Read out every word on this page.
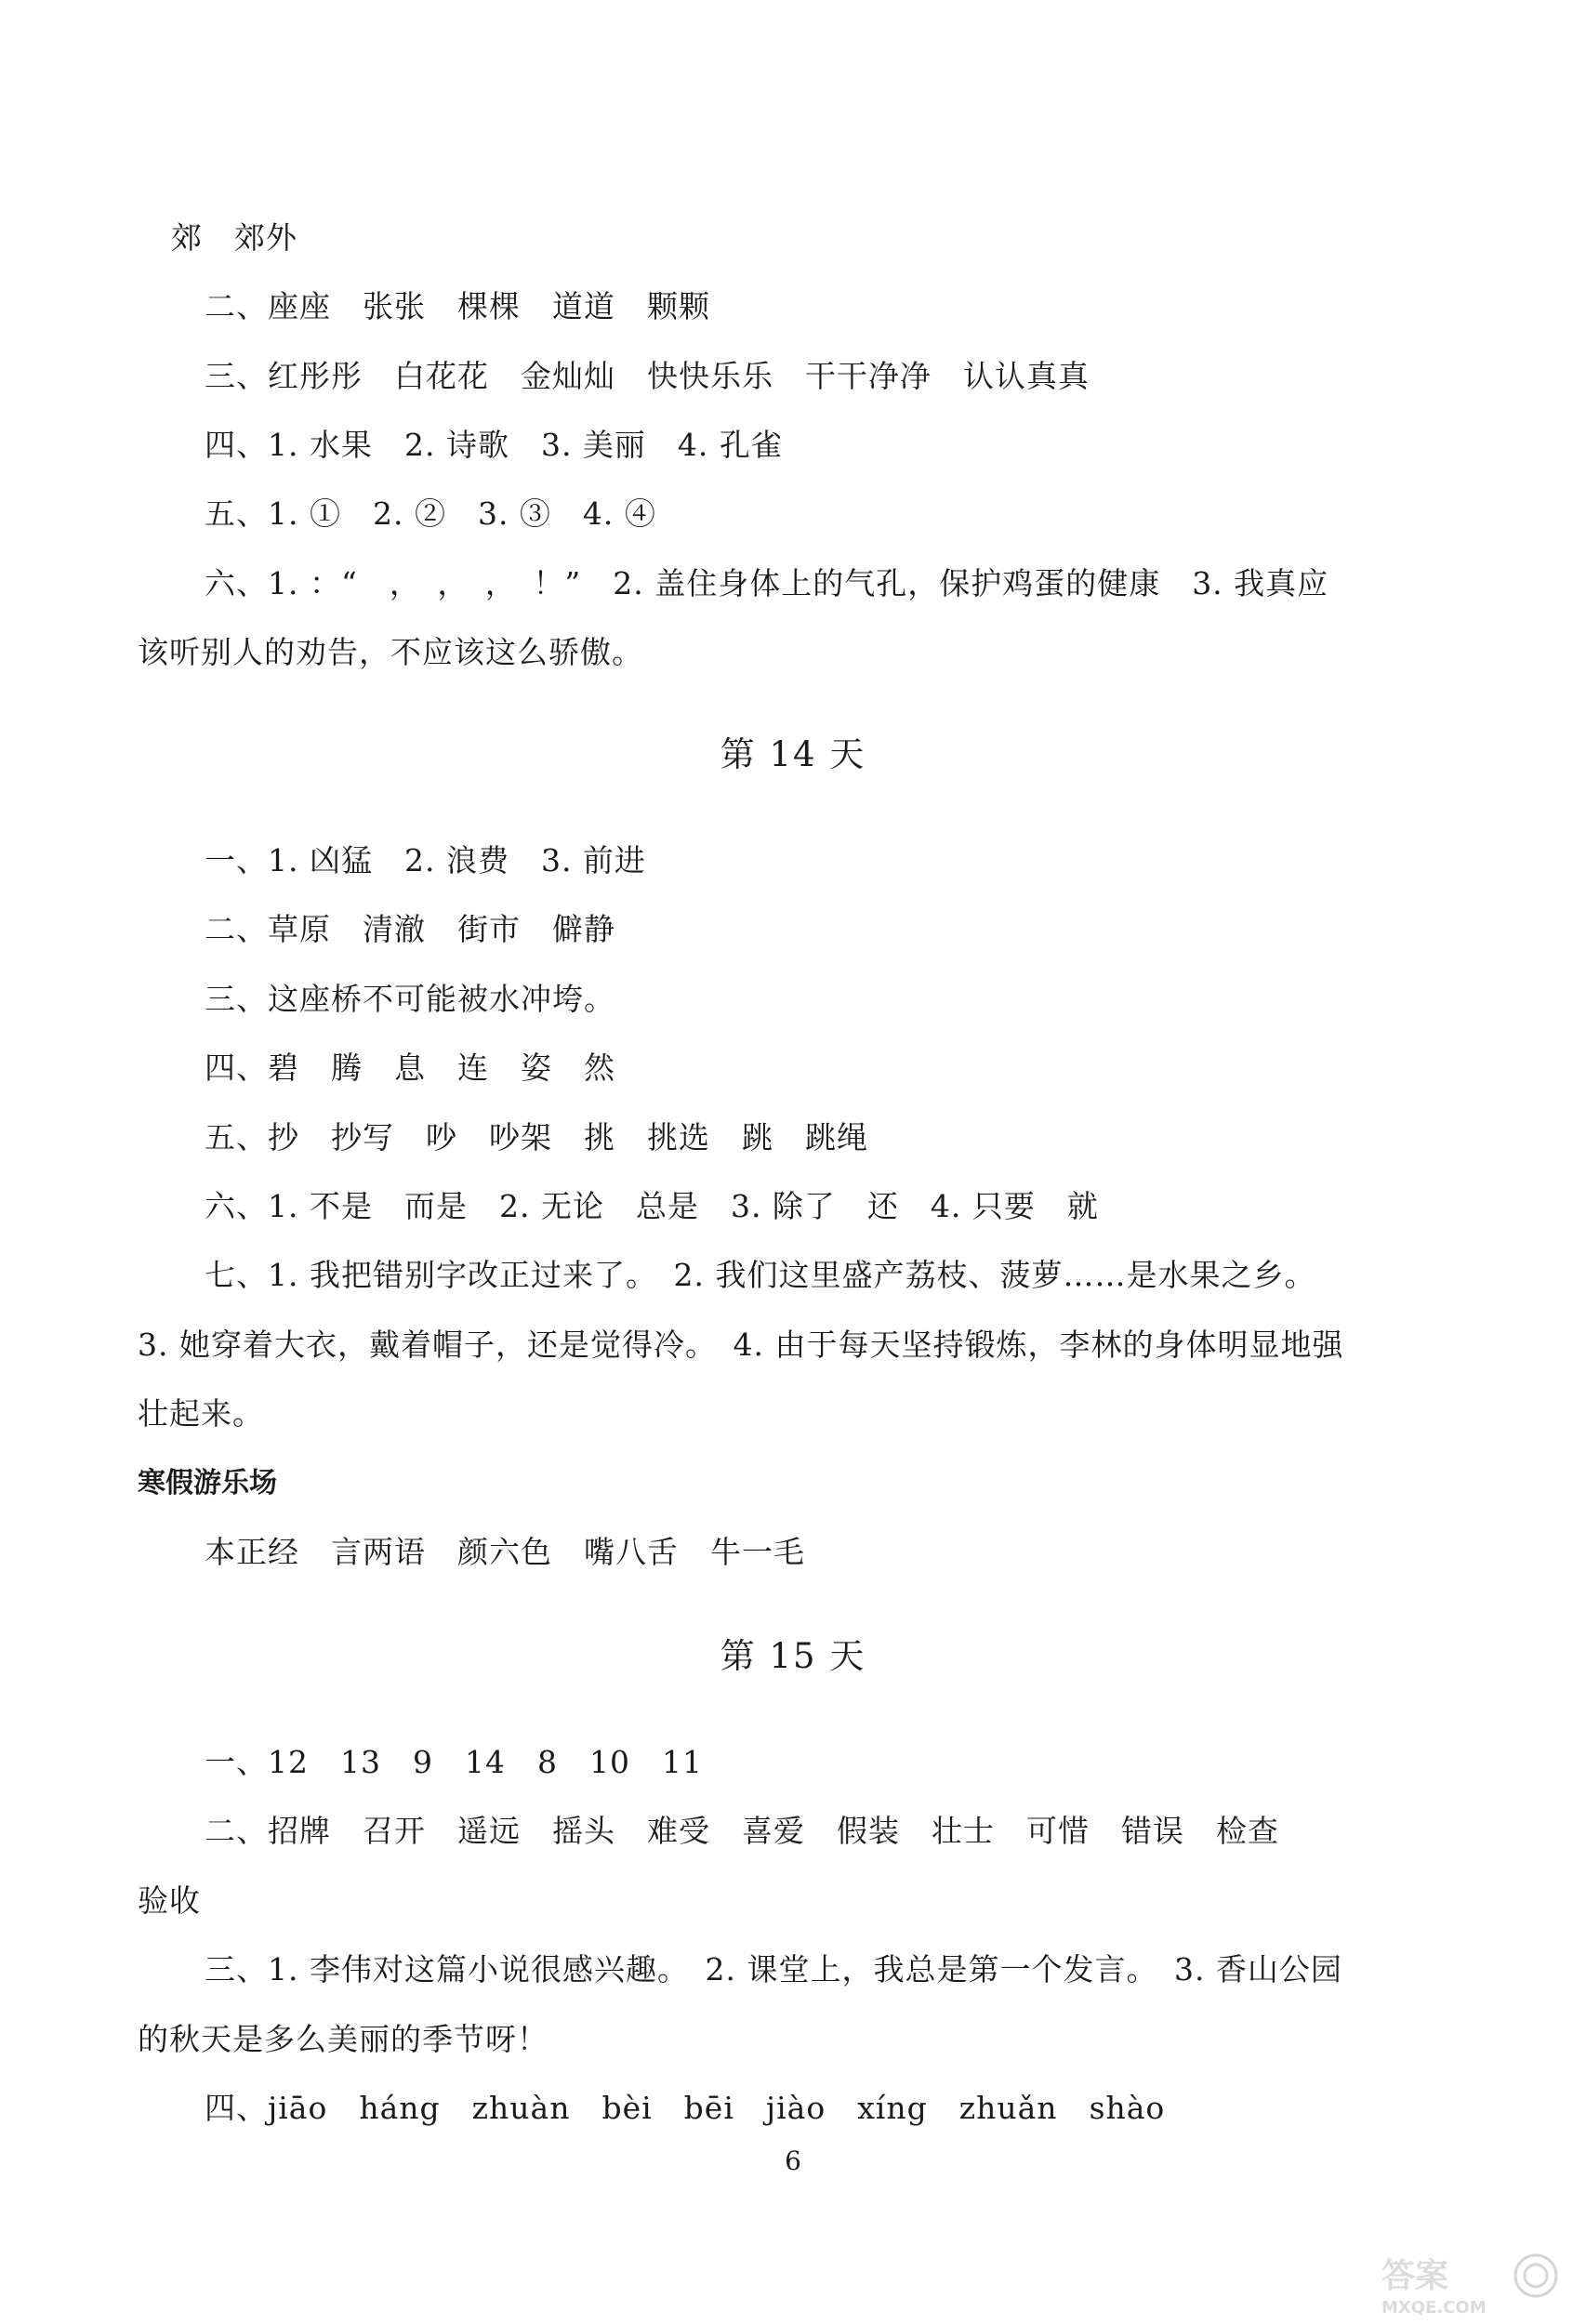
郊　郊外
二、座座　张张　棵棵　道道　颗颗
三、红彤彤　白花花　金灿灿　快快乐乐　干干净净　认认真真
四、1. 水果　2. 诗歌　3. 美丽　4. 孔雀
五、1. ①　2. ②　3. ③　4. ④
六、1. ：“　，　，　，　！”　2. 盖住身体上的气孔，保护鸡蛋的健康　3. 我真应
该听别人的劝告，不应该这么骄傲。
第 14 天
一、1. 凶猛　2. 浪费　3. 前进
二、草原　清澈　街市　僻静
三、这座桥不可能被水冲垮。
四、碧　腾　息　连　姿　然
五、抄　抄写　吵　吵架　挑　挑选　跳　跳绳
六、1. 不是　而是　2. 无论　总是　3. 除了　还　4. 只要　就
七、1. 我把错别字改正过来了。　2. 我们这里盛产荔枝、菠萝……是水果之乡。
3. 她穿着大衣，戴着帽子，还是觉得冷。　4. 由于每天坚持锻炼，李林的身体明显地强
壮起来。
寒假游乐场
本正经　言两语　颜六色　嘴八舌　牛一毛
第 15 天
一、12　13　9　14　8　10　11
二、招牌　召开　遥远　摇头　难受　喜爱　假装　壮士　可惜　错误　检查
验收
三、1. 李伟对这篇小说很感兴趣。　2. 课堂上，我总是第一个发言。　3. 香山公园
的秋天是多么美丽的季节呀！
四、jiāo　háng　zhuàn　bèi　bēi　jiào　xíng　zhuǎn　shào
6
答案
MXQE.COM
